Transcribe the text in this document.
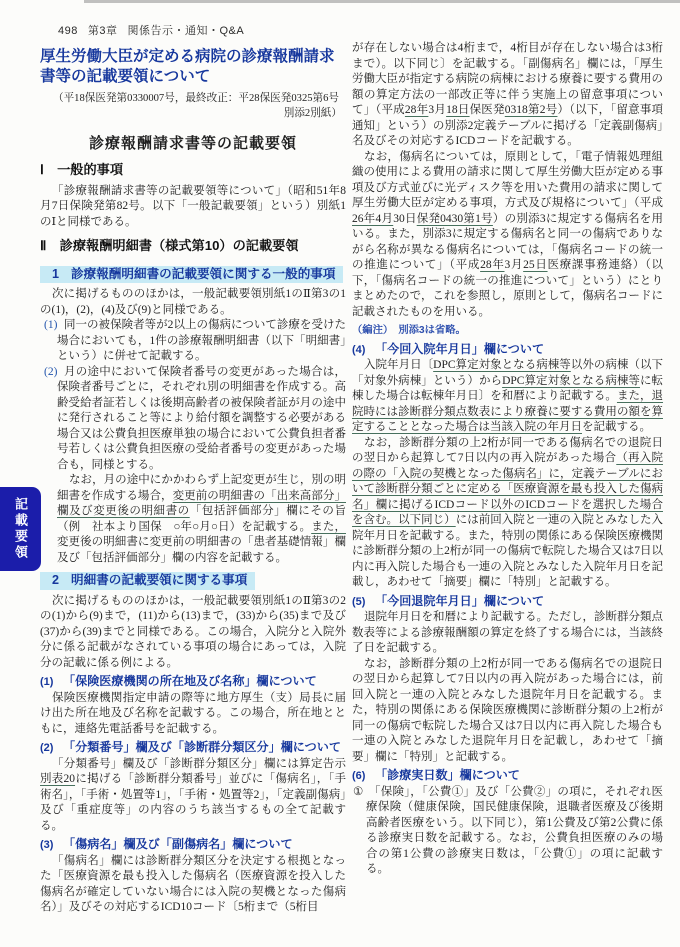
記載要領
498 第3章 関係告示・通知・Q&A
厚生労働大臣が定める病院の診療報酬請求書等の記載要領について
（平18保医発第0330007号，最終改正：平28保医発0325第6号
別添2別紙）
診療報酬請求書等の記載要領
Ⅰ　一般的事項
「診療報酬請求書等の記載要領等について」（昭和51年8月7日保険発第82号。以下「一般記載要領」という）別紙1のⅠと同様である。
Ⅱ　診療報酬明細書（様式第10）の記載要領
1 診療報酬明細書の記載要領に関する一般的事項
次に掲げるもののほかは，一般記載要領別紙1のⅡ第3の1の(1)，(2)，(4)及び(9)と同様である。
(1) 同一の被保険者等が2以上の傷病について診療を受けた場合においても，1件の診療報酬明細書（以下「明細書」という）に併せて記載する。
(2) 月の途中において保険者番号の変更があった場合は，保険者番号ごとに，それぞれ別の明細書を作成する。高齢受給者証若しくは後期高齢者の被保険者証が月の途中に発行されること等により給付額を調整する必要がある場合又は公費負担医療単独の場合において公費負担者番号若しくは公費負担医療の受給者番号の変更があった場合も，同様とする。
なお，月の途中にかかわらず上記変更が生じ，別の明細書を作成する場合，変更前の明細書の「出来高部分」欄及び変更後の明細書の「包括評価部分」欄にその旨（例　社本より国保　○年○月○日）を記載する。また，変更後の明細書に変更前の明細書の「患者基礎情報」欄及び「包括評価部分」欄の内容を記載する。
2 明細書の記載要領に関する事項
次に掲げるもののほかは，一般記載要領別紙1のⅡ第3の2の(1)から(9)まで，(11)から(13)まで，(33)から(35)まで及び(37)から(39)までと同様である。この場合，入院分と入院外分に係る記載がなされている事項の場合にあっては，入院分の記載に係る例による。
(1) 「保険医療機関の所在地及び名称」欄について
保険医療機関指定申請の際等に地方厚生（支）局長に届け出た所在地及び名称を記載する。この場合，所在地とともに，連絡先電話番号を記載する。
(2) 「分類番号」欄及び「診断群分類区分」欄について
「分類番号」欄及び「診断群分類区分」欄には算定告示別表20に掲げる「診断群分類番号」並びに「傷病名」，「手術名」，「手術・処置等1」，「手術・処置等2」，「定義副傷病」及び「重症度等」の内容のうち該当するもの全て記載する。
(3) 「傷病名」欄及び「副傷病名」欄について
「傷病名」欄には診断群分類区分を決定する根拠となった「医療資源を最も投入した傷病名（医療資源を投入した傷病名が確定していない場合には入院の契機となった傷病名）」及びその対応するICD10コード〔5桁まで（5桁目
が存在しない場合は4桁まで，4桁目が存在しない場合は3桁まで）。以下同じ〕を記載する。「副傷病名」欄には，「厚生労働大臣が指定する病院の病棟における療養に要する費用の額の算定方法の一部改正等に伴う実施上の留意事項について」（平成28年3月18日保医発0318第2号）（以下，「留意事項通知」という）の別添2定義テーブルに掲げる「定義副傷病」名及びその対応するICDコードを記載する。
なお，傷病名については，原則として，「電子情報処理組織の使用による費用の請求に関して厚生労働大臣が定める事項及び方式並びに光ディスク等を用いた費用の請求に関して厚生労働大臣が定める事項，方式及び規格について」（平成26年4月30日保発0430第1号）の別添3に規定する傷病名を用いる。また，別添3に規定する傷病名と同一の傷病でありながら名称が異なる傷病名については，「傷病名コードの統一の推進について」（平成28年3月25日医療課事務連絡）（以下，「傷病名コードの統一の推進について」という）にとりまとめたので，これを参照し，原則として，傷病名コードに記載されたものを用いる。
（編注）　別添3は省略。
(4) 「今回入院年月日」欄について
入院年月日〔DPC算定対象となる病棟等以外の病棟（以下「対象外病棟」という）からDPC算定対象となる病棟等に転棟した場合は転棟年月日〕を和暦により記載する。また，退院時には診断群分類点数表により療養に要する費用の額を算定することとなった場合は当該入院の年月日を記載する。
なお，診断群分類の上2桁が同一である傷病名での退院日の翌日から起算して7日以内の再入院があった場合（再入院の際の「入院の契機となった傷病名」に，定義テーブルにおいて診断群分類ごとに定める「医療資源を最も投入した傷病名」欄に掲げるICDコード以外のICDコードを選択した場合を含む。以下同じ）には前回入院と一連の入院とみなした入院年月日を記載する。また，特別の関係にある保険医療機関に診断群分類の上2桁が同一の傷病で転院した場合又は7日以内に再入院した場合も一連の入院とみなした入院年月日を記載し，あわせて「摘要」欄に「特別」と記載する。
(5) 「今回退院年月日」欄について
退院年月日を和暦により記載する。ただし，診断群分類点数表等による診療報酬額の算定を終了する場合には，当該終了日を記載する。
なお，診断群分類の上2桁が同一である傷病名での退院日の翌日から起算して7日以内の再入院があった場合には，前回入院と一連の入院とみなした退院年月日を記載する。また，特別の関係にある保険医療機関に診断群分類の上2桁が同一の傷病で転院した場合又は7日以内に再入院した場合も一連の入院とみなした退院年月日を記載し，あわせて「摘要」欄に「特別」と記載する。
(6) 「診療実日数」欄について
① 「保険」，「公費①」及び「公費②」の項に，それぞれ医療保険（健康保険，国民健康保険，退職者医療及び後期高齢者医療をいう。以下同じ），第1公費及び第2公費に係る診療実日数を記載する。なお，公費負担医療のみの場合の第1公費の診療実日数は，「公費①」の項に記載する。
